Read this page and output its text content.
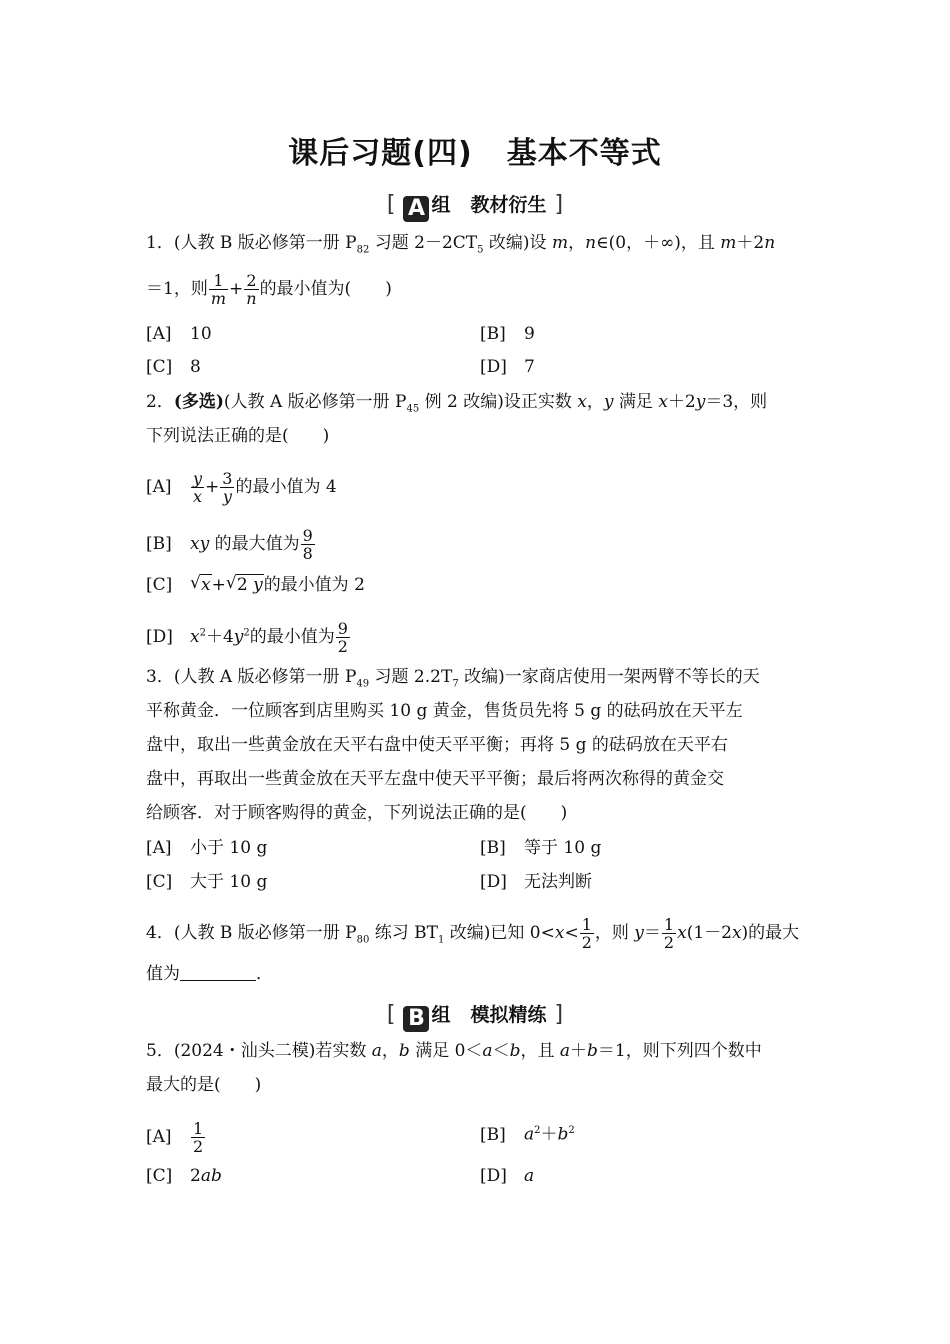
课后习题(四) 基本不等式
[ A 组 教材衍生 ]
1．(人教 B 版必修第一册 $P_{82}$ 习题 $2-2CT_5$ 改编)设 m，n∈(0，＋∞)，且 m＋2n
＝1，则 $\frac{1}{m} + \frac{2}{n}$ 的最小值为(　　)
[A] 10	[B] 9
[C] 8	[D] 7
2．(多选)(人教 A 版必修第一册 $P_{45}$ 例 2 改编)设正实数 x，y 满足 x＋2y＝3，则
下列说法正确的是(　　)
$[A] \frac{y}{x} + \frac{3}{y}$ 的最小值为 4
[B] xy 的最大值为 $\frac{9}{8}$
[C] √ x+ √ 2 y的最小值为 2
[D] $x^2+4y^2$的最小值为 $\frac{9}{2}$
3．(人教 A 版必修第一册 $P_{49}$ 习题 $2.2T_7$ 改编)一家商店使用一架两臂不等长的天
平称黄金．一位顾客到店里购买 10 g 黄金，售货员先将 5 g 的砝码放在天平左
盘中，取出一些黄金放在天平右盘中使天平平衡；再将 5 g 的砝码放在天平右
盘中，再取出一些黄金放在天平左盘中使天平平衡；最后将两次称得的黄金交
给顾客．对于顾客购得的黄金，下列说法正确的是(　　)
[A] 小于 10 g	[B] 等于 10 g
[C] 大于 10 g	[D] 无法判断
4．(人教 B 版必修第一册 $P_{80}$ 练习 $BT_1$ 改编)已知 $0<x< \frac{1}{2}$ ，则 $y= \frac{1}{2} x(1-2x)$的最大
值为	．
[ B 组 模拟精练 ]
5．(2024・汕头二模)若实数 a，b 满足 0＜a＜b，且 a＋b＝1，则下列四个数中
最大的是(　　)
$[A] \frac{1}{2}$	[B] $a^2+b^2$
[C] 2ab	[D] a
